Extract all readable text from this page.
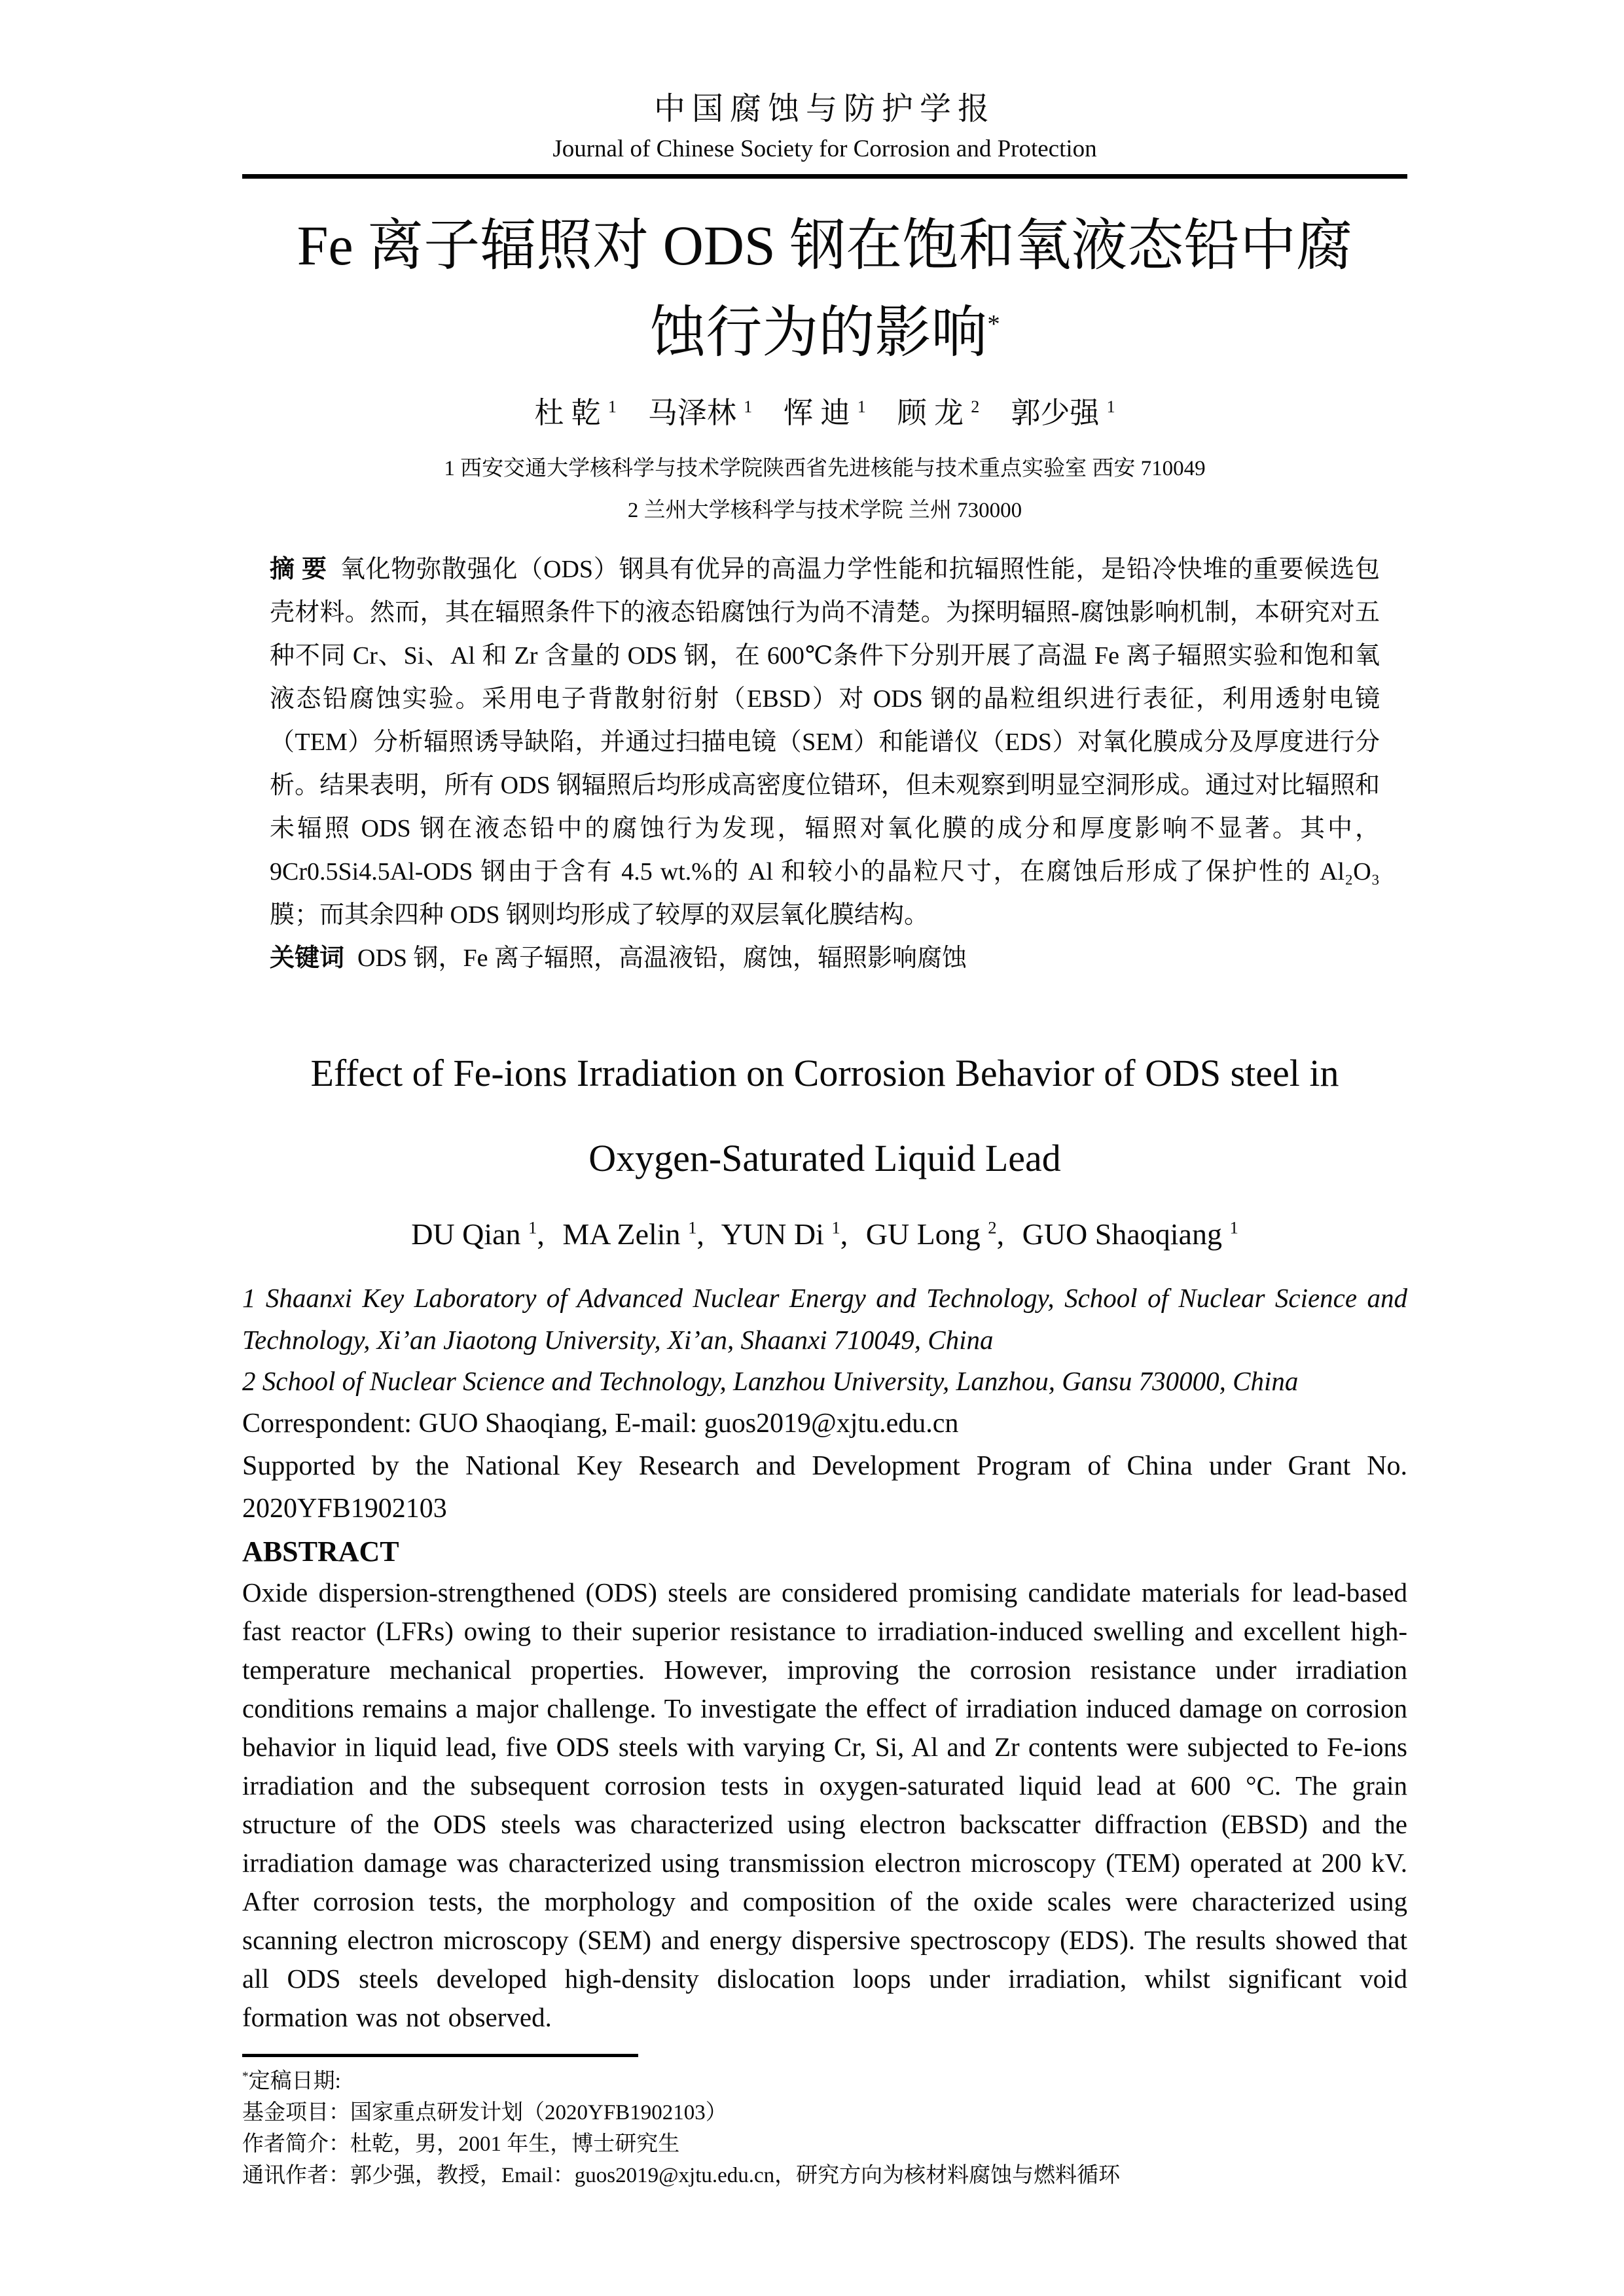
中国腐蚀与防护学报
Journal of Chinese Society for Corrosion and Protection
Fe 离子辐照对 ODS 钢在饱和氧液态铅中腐
蚀行为的影响*
杜 乾 $^1$ 马泽林 $^1$ 恽 迪 $^1$ 顾 龙 $^2$ 郭少强 $^1$

1 西安交通大学核科学与技术学院陕西省先进核能与技术重点实验室 西安 710049

2 兰州大学核科学与技术学院 兰州 730000

摘 要 氧化物弥散强化（ODS）钢具有优异的高温力学性能和抗辐照性能，是铅冷快堆的重要候选包壳材料。然而，其在辐照条件下的液态铅腐蚀行为尚不清楚。为探明辐照-腐蚀影响机制，本研究对五种不同 Cr、Si、Al 和 Zr 含量的 ODS 钢，在 600℃条件下分别开展了高温 Fe 离子辐照实验和饱和氧液态铅腐蚀实验。采用电子背散射衍射（EBSD）对 ODS 钢的晶粒组织进行表征，利用透射电镜（TEM）分析辐照诱导缺陷，并通过扫描电镜（SEM）和能谱仪（EDS）对氧化膜成分及厚度进行分析。结果表明，所有 ODS 钢辐照后均形成高密度位错环，但未观察到明显空洞形成。通过对比辐照和未辐照 ODS 钢在液态铅中的腐蚀行为发现，辐照对氧化膜的成分和厚度影响不显著。其中，9Cr0.5Si4.5Al-ODS 钢由于含有 4.5 wt.%的 Al 和较小的晶粒尺寸，在腐蚀后形成了保护性的 Al₂O₃ 膜；而其余四种 ODS 钢则均形成了较厚的双层氧化膜结构。

关键词 ODS 钢，Fe 离子辐照，高温液铅，腐蚀，辐照影响腐蚀

Effect of Fe-ions Irradiation on Corrosion Behavior of ODS steel in
Oxygen-Saturated Liquid Lead
DU Qian $^1$, MA Zelin $^1$, YUN Di $^1$, GU Long $^2$, GUO Shaoqiang $^1$

1 Shaanxi Key Laboratory of Advanced Nuclear Energy and Technology, School of Nuclear Science and Technology, Xi’an Jiaotong University, Xi’an, Shaanxi 710049, China

2 School of Nuclear Science and Technology, Lanzhou University, Lanzhou, Gansu 730000, China

Correspondent: GUO Shaoqiang, E-mail: guos2019@xjtu.edu.cn

Supported by the National Key Research and Development Program of China under Grant No.

2020YFB1902103

ABSTRACT

Oxide dispersion-strengthened (ODS) steels are considered promising candidate materials for lead-based fast reactor (LFRs) owing to their superior resistance to irradiation-induced swelling and excellent high-temperature mechanical properties. However, improving the corrosion resistance under irradiation conditions remains a major challenge. To investigate the effect of irradiation induced damage on corrosion behavior in liquid lead, five ODS steels with varying Cr, Si, Al and Zr contents were subjected to Fe-ions irradiation and the subsequent corrosion tests in oxygen-saturated liquid lead at 600 °C. The grain structure of the ODS steels was characterized using electron backscatter diffraction (EBSD) and the irradiation damage was characterized using transmission electron microscopy (TEM) operated at 200 kV. After corrosion tests, the morphology and composition of the oxide scales were characterized using scanning electron microscopy (SEM) and energy dispersive spectroscopy (EDS). The results showed that all ODS steels developed high-density dislocation loops under irradiation, whilst significant void formation was not observed.

*定稿日期:

基金项目：国家重点研发计划（2020YFB1902103）

作者简介：杜乾，男，2001 年生，博士研究生

通讯作者：郭少强，教授，Email：guos2019@xjtu.edu.cn，研究方向为核材料腐蚀与燃料循环
